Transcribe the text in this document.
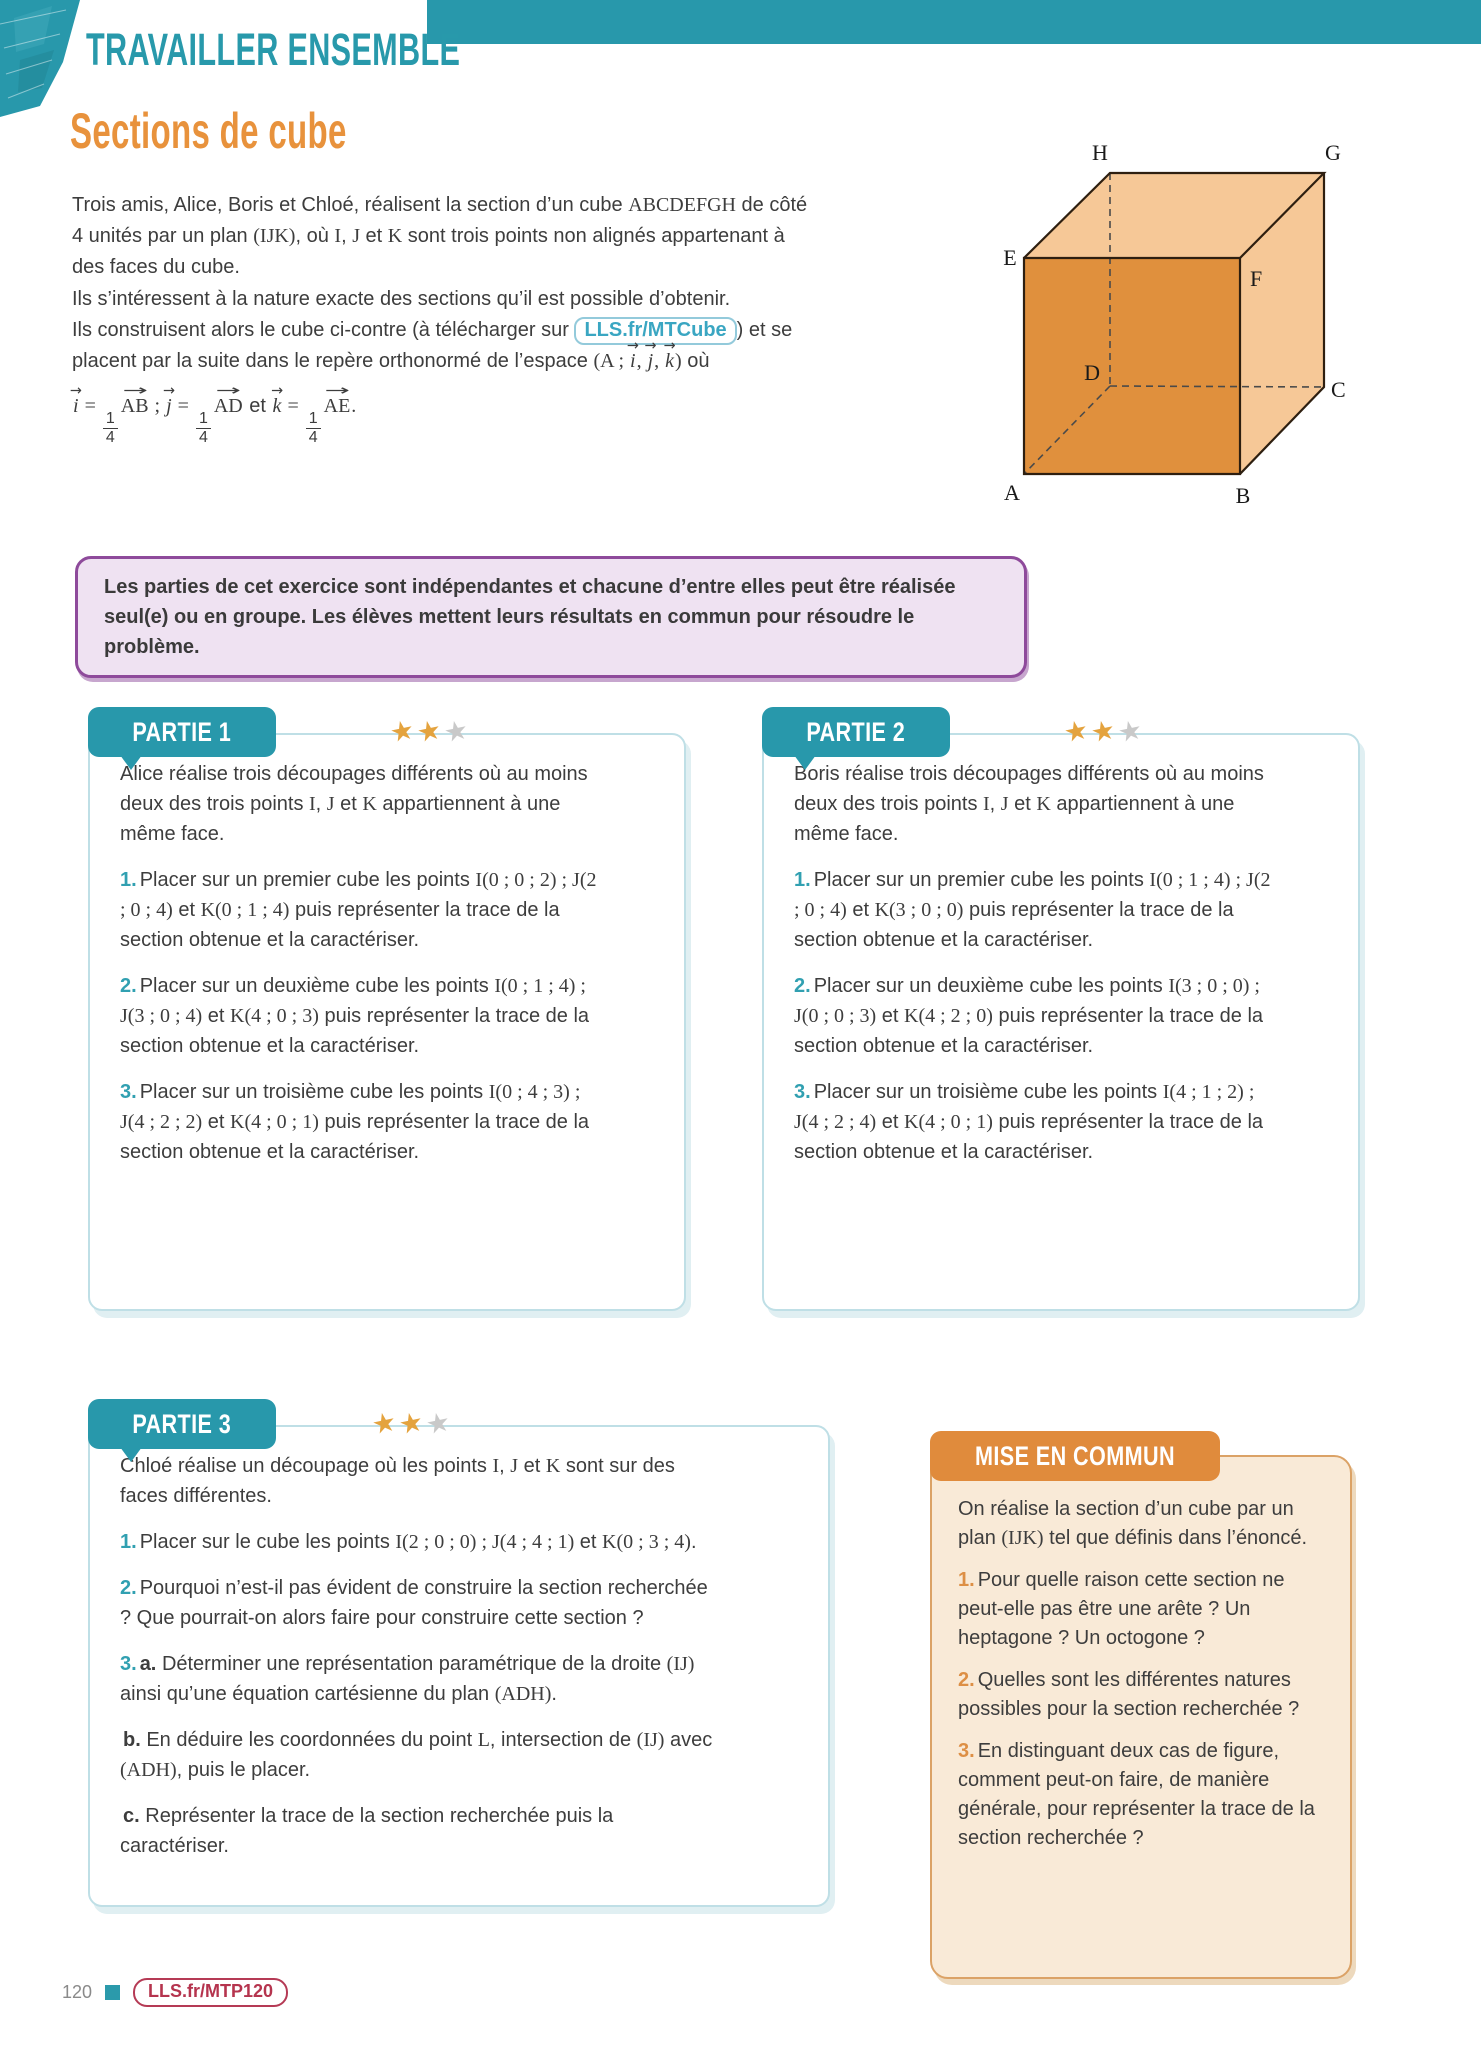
TRAVAILLER ENSEMBLE
Sections de cube

Trois amis, Alice, Boris et Chloé, réalisent la section d’un cube ABCDEFGH de côté 4 unités par un plan (IJK), où I, J et K sont trois points non alignés appartenant à des faces du cube.

Ils s’intéressent à la nature exacte des sections qu’il est possible d’obtenir.

Ils construisent alors le cube ci-contre (à télécharger sur LLS.fr/MTCube ) et se placent par la suite dans le repère orthonormé de l’espace (A ;
→
i,
→
j,
→
k) où

→
i =
$\frac{1}{4}$
→
AB ;
→
j =
$\frac{1}{4}$
→
AD et
→
k =
$\frac{1}{4}$
→
AE.

H	G
E
F
D
C
A	B
Les parties de cet exercice sont indépendantes et chacune d’entre elles peut être réalisée seul(e) ou en groupe. Les élèves mettent leurs résultats en commun pour résoudre le problème.
PARTIE 1	★★★

Alice réalise trois découpages différents où au moins deux des trois points I, J et K appartiennent à une même face.

1. Placer sur un premier cube les points I(0 ; 0 ; 2) ; J(2 ; 0 ; 4) et K(0 ; 1 ; 4) puis représenter la trace de la section obtenue et la caractériser.
2. Placer sur un deuxième cube les points I(0 ; 1 ; 4) ; J(3 ; 0 ; 4) et K(4 ; 0 ; 3) puis représenter la trace de la section obtenue et la caractériser.
3. Placer sur un troisième cube les points I(0 ; 4 ; 3) ; J(4 ; 2 ; 2) et K(4 ; 0 ; 1) puis représenter la trace de la section obtenue et la caractériser.
PARTIE 2	★★★

Boris réalise trois découpages différents où au moins deux des trois points I, J et K appartiennent à une même face.

1. Placer sur un premier cube les points I(0 ; 1 ; 4) ; J(2 ; 0 ; 4) et K(3 ; 0 ; 0) puis représenter la trace de la section obtenue et la caractériser.
2. Placer sur un deuxième cube les points I(3 ; 0 ; 0) ; J(0 ; 0 ; 3) et K(4 ; 2 ; 0) puis représenter la trace de la section obtenue et la caractériser.
3. Placer sur un troisième cube les points I(4 ; 1 ; 2) ; J(4 ; 2 ; 4) et K(4 ; 0 ; 1) puis représenter la trace de la section obtenue et la caractériser.
PARTIE 3	★★★

Chloé réalise un découpage où les points I, J et K sont sur des faces différentes.

1. Placer sur le cube les points I(2 ; 0 ; 0) ; J(4 ; 4 ; 1) et K(0 ; 3 ; 4).
2. Pourquoi n’est-il pas évident de construire la section recherchée ? Que pourrait-on alors faire pour construire cette section ?
3. a. Déterminer une représentation paramétrique de la droite (IJ) ainsi qu’une équation cartésienne du plan (ADH).
b. En déduire les coordonnées du point L, intersection de (IJ) avec (ADH), puis le placer.
c. Représenter la trace de la section recherchée puis la caractériser.
MISE EN COMMUN

On réalise la section d’un cube par un plan (IJK) tel que définis dans l’énoncé.

1. Pour quelle raison cette section ne peut-elle pas être une arête ? Un heptagone ? Un octogone ?
2. Quelles sont les différentes natures possibles pour la section recherchée ?
3. En distinguant deux cas de figure, comment peut-on faire, de manière générale, pour représenter la trace de la section recherchée ?
120	LLS.fr/MTP120
